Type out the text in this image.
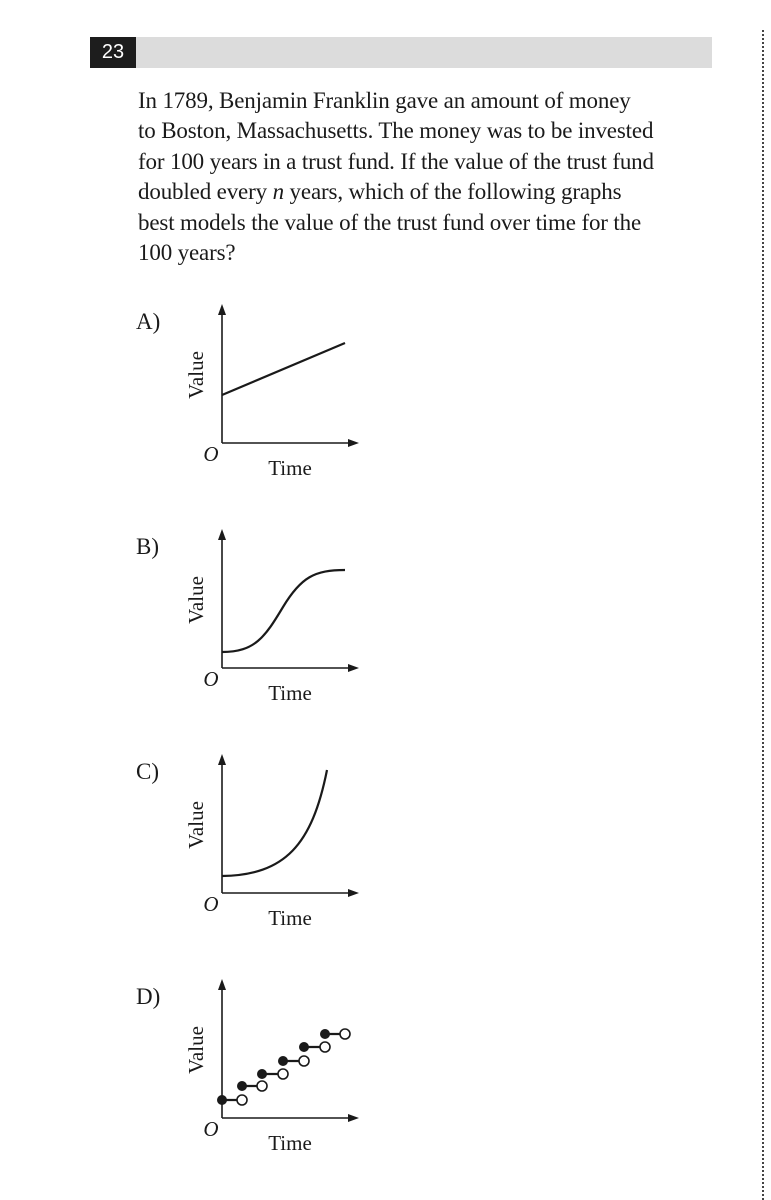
23
In 1789, Benjamin Franklin gave an amount of money
to Boston, Massachusetts. The money was to be invested
for 100 years in a trust fund. If the value of the trust fund
doubled every n years, which of the following graphs
best models the value of the trust fund over time for the
100 years?
A)
Value
O
Time
B)
Value
O
Time
C)
Value
O
Time
D)
Value
O
Time
